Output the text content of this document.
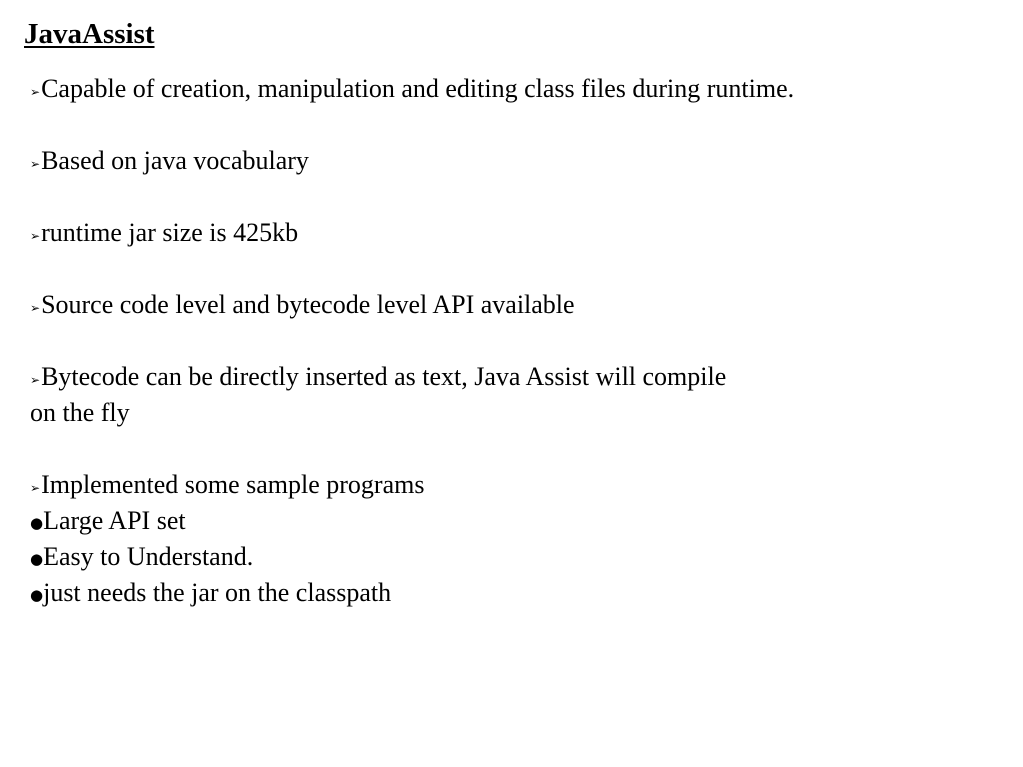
JavaAssist
➢Capable of creation, manipulation and editing class files during runtime.
➢Based on java vocabulary
➢runtime jar size is 425kb
➢Source code level and bytecode level API available
➢Bytecode can be directly inserted as text, Java Assist will compile
on the fly
➢Implemented some sample programs
●Large API set
●Easy to Understand.
●just needs the jar on the classpath
